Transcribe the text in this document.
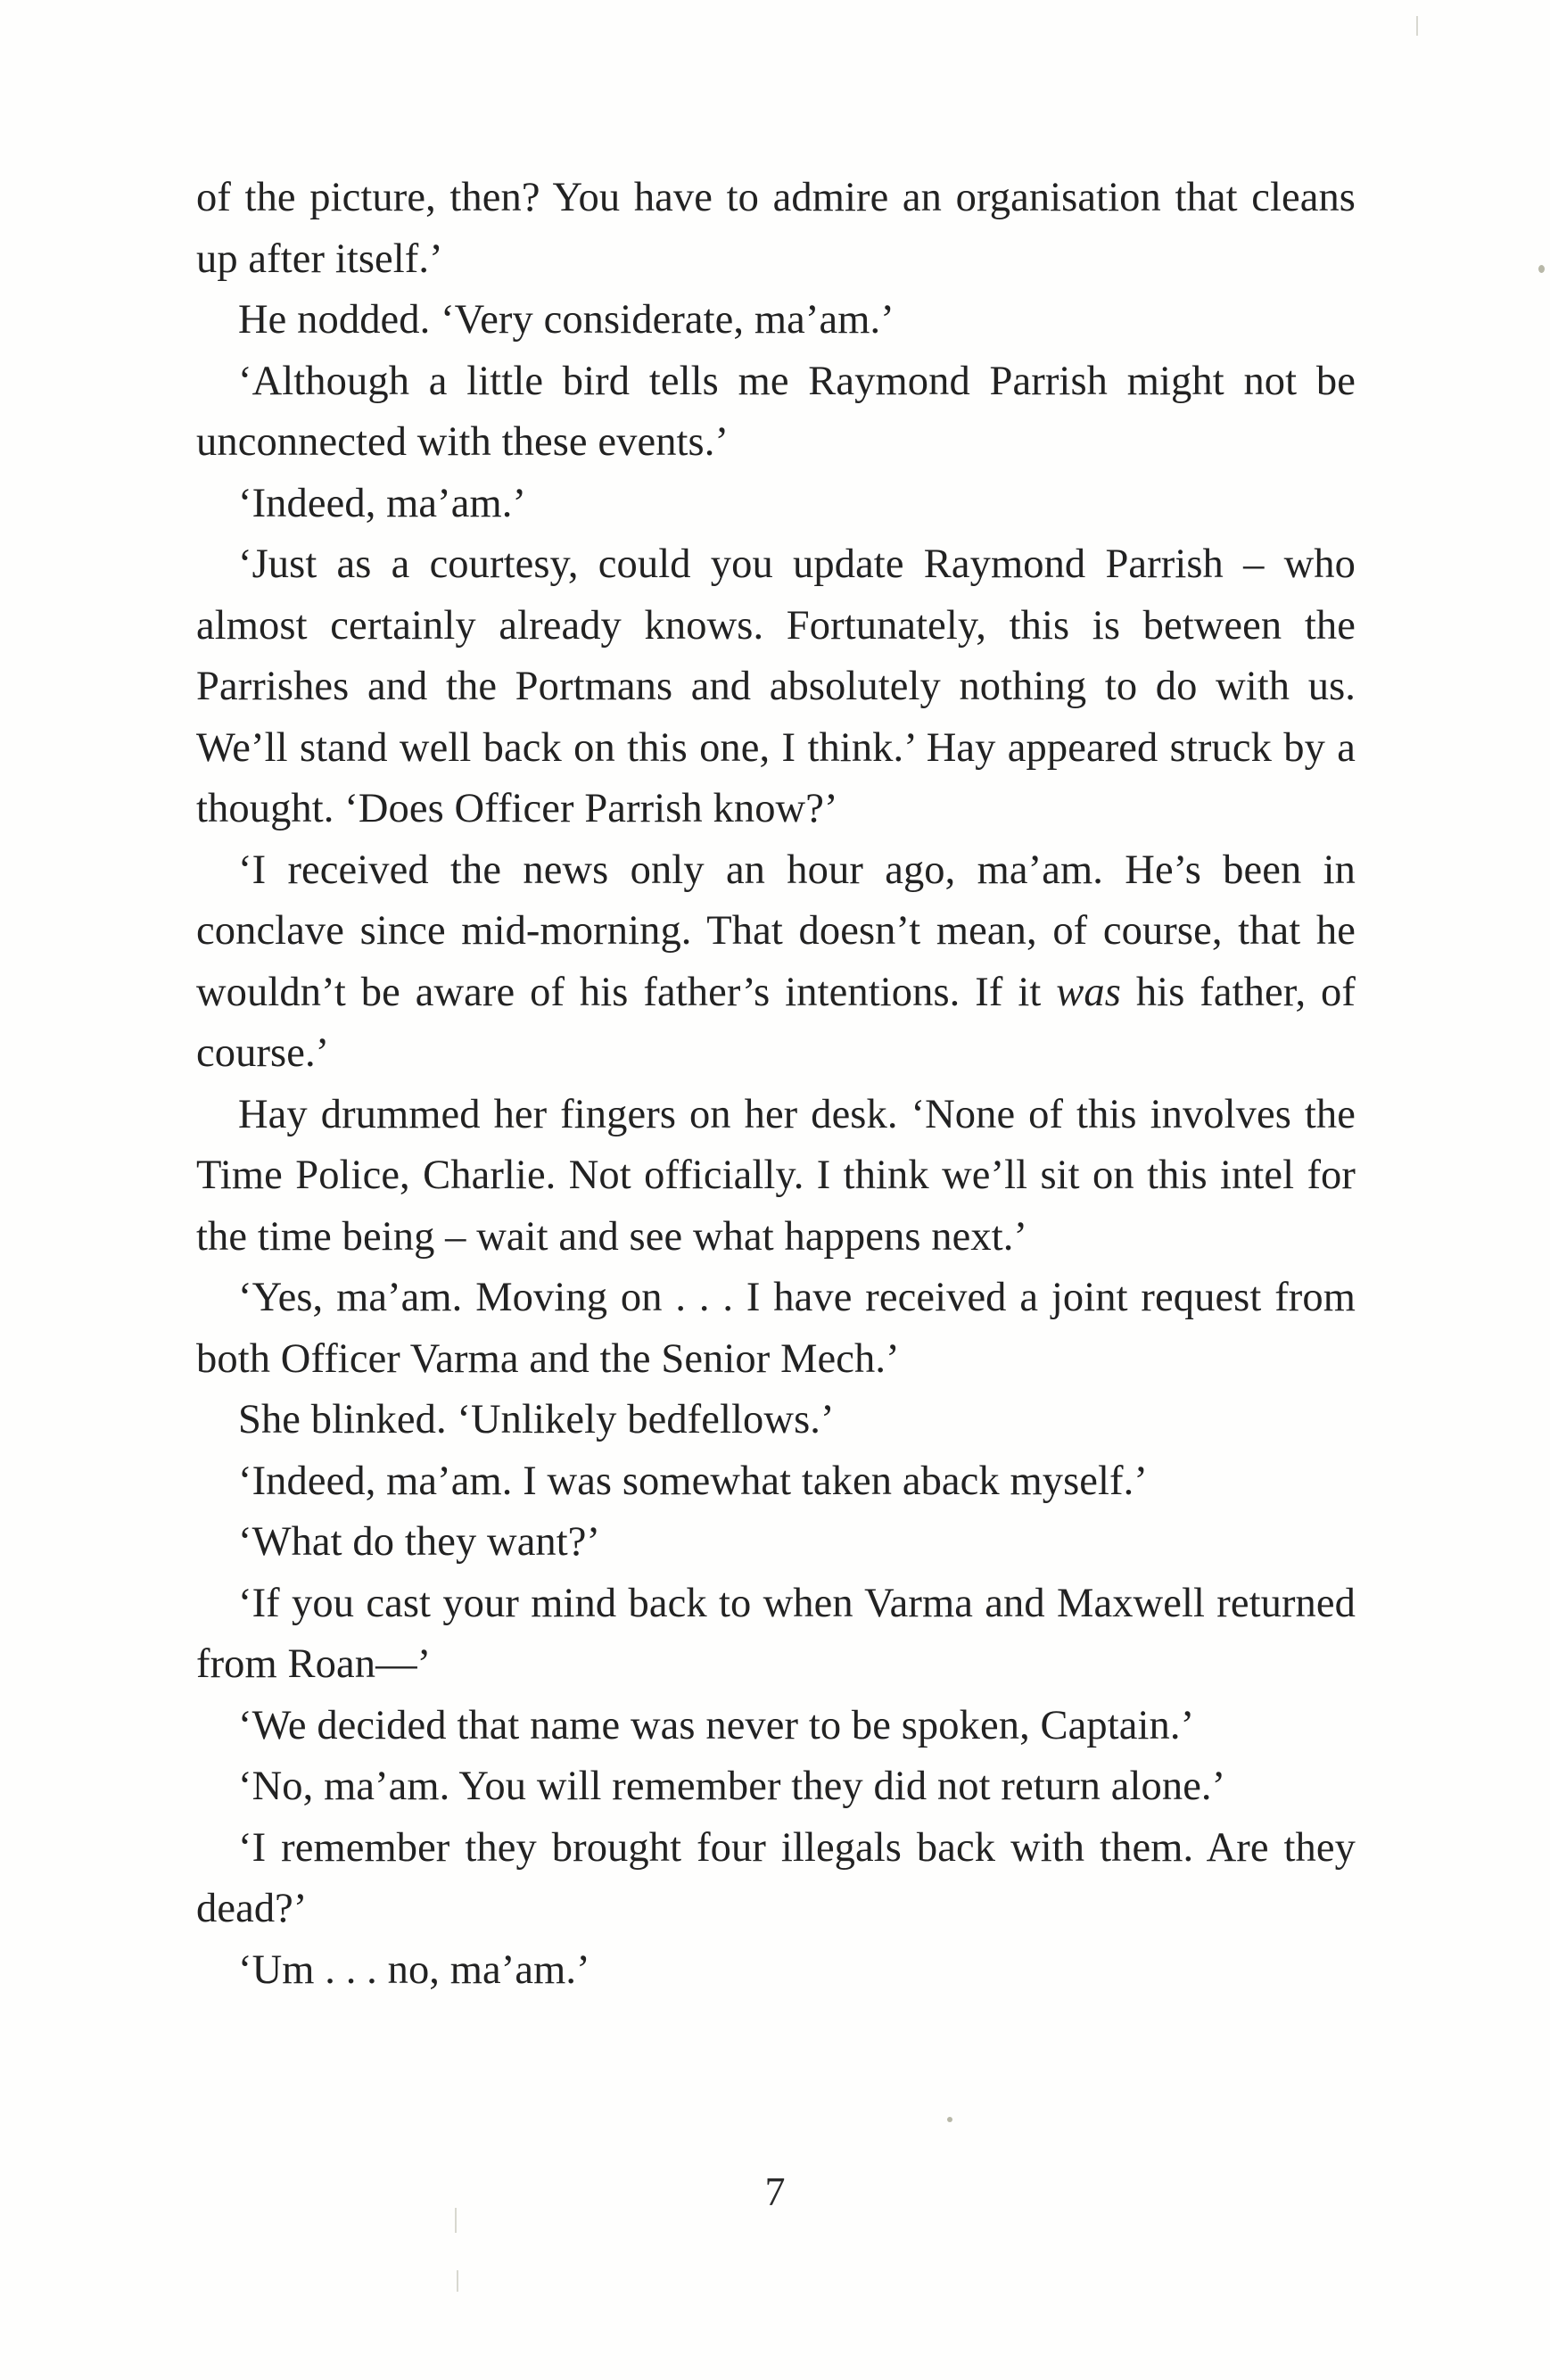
of the picture, then? You have to admire an organisation that cleans up after itself.’

He nodded. ‘Very considerate, ma’am.’

‘Although a little bird tells me Raymond Parrish might not be unconnected with these events.’

‘Indeed, ma’am.’

‘Just as a courtesy, could you update Raymond Parrish – who almost certainly already knows. Fortunately, this is between the Parrishes and the Portmans and absolutely nothing to do with us. We’ll stand well back on this one, I think.’ Hay appeared struck by a thought. ‘Does Officer Parrish know?’

‘I received the news only an hour ago, ma’am. He’s been in conclave since mid-morning. That doesn’t mean, of course, that he wouldn’t be aware of his father’s intentions. If it was his father, of course.’

Hay drummed her fingers on her desk. ‘None of this involves the Time Police, Charlie. Not officially. I think we’ll sit on this intel for the time being – wait and see what happens next.’

‘Yes, ma’am. Moving on . . . I have received a joint request from both Officer Varma and the Senior Mech.’

She blinked. ‘Unlikely bedfellows.’

‘Indeed, ma’am. I was somewhat taken aback myself.’

‘What do they want?’

‘If you cast your mind back to when Varma and Maxwell returned from Roan—’

‘We decided that name was never to be spoken, Captain.’

‘No, ma’am. You will remember they did not return alone.’

‘I remember they brought four illegals back with them. Are they dead?’

‘Um . . . no, ma’am.’

7
